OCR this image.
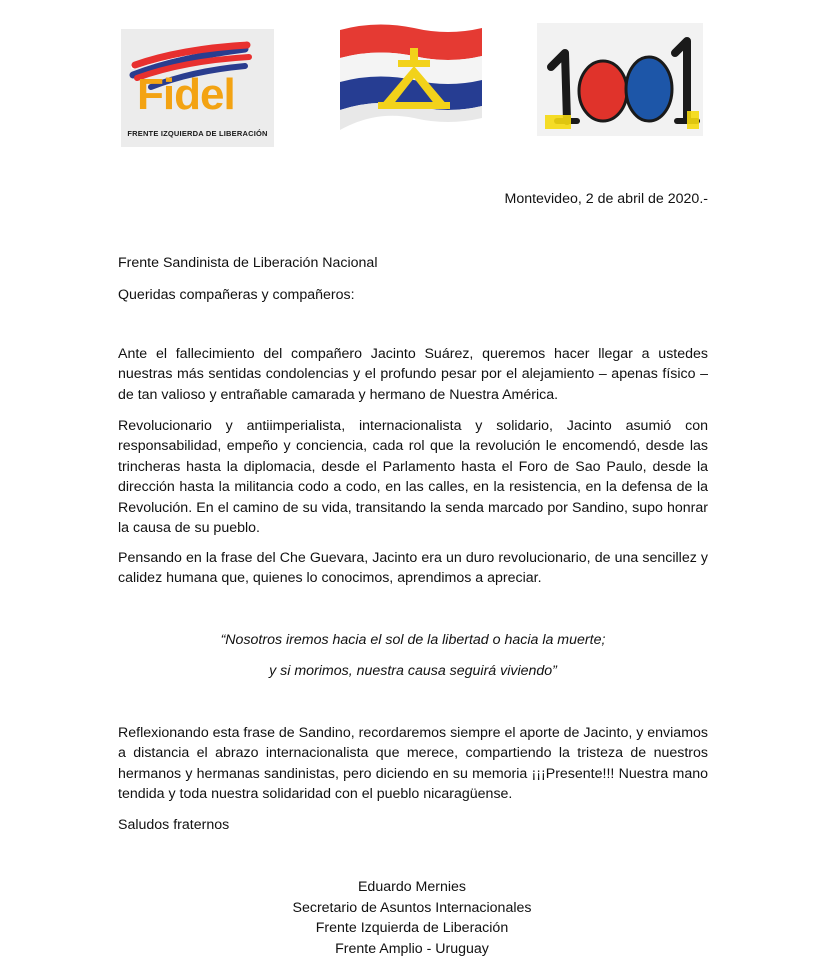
Fidel
FRENTE IZQUIERDA DE LIBERACIÓN

Montevideo, 2 de abril de 2020.-

Frente Sandinista de Liberación Nacional

Queridas compañeras y compañeros:

Ante el fallecimiento del compañero Jacinto Suárez, queremos hacer llegar a ustedes nuestras más sentidas condolencias y el profundo pesar por el alejamiento – apenas físico – de tan valioso y entrañable camarada y hermano de Nuestra América.

Revolucionario y antiimperialista, internacionalista y solidario, Jacinto asumió con responsabilidad, empeño y conciencia, cada rol que la revolución le encomendó, desde las trincheras hasta la diplomacia, desde el Parlamento hasta el Foro de Sao Paulo, desde la dirección hasta la militancia codo a codo, en las calles, en la resistencia, en la defensa de la Revolución. En el camino de su vida, transitando la senda marcado por Sandino, supo honrar la causa de su pueblo.

Pensando en la frase del Che Guevara, Jacinto era un duro revolucionario, de una sencillez y calidez humana que, quienes lo conocimos, aprendimos a apreciar.

“Nosotros iremos hacia el sol de la libertad o hacia la muerte;

y si morimos, nuestra causa seguirá viviendo”

Reflexionando esta frase de Sandino, recordaremos siempre el aporte de Jacinto, y enviamos a distancia el abrazo internacionalista que merece, compartiendo la tristeza de nuestros hermanos y hermanas sandinistas, pero diciendo en su memoria ¡¡¡Presente!!! Nuestra mano tendida y toda nuestra solidaridad con el pueblo nicaragüense.

Saludos fraternos

Eduardo Mernies

Secretario de Asuntos Internacionales

Frente Izquierda de Liberación

Frente Amplio - Uruguay
